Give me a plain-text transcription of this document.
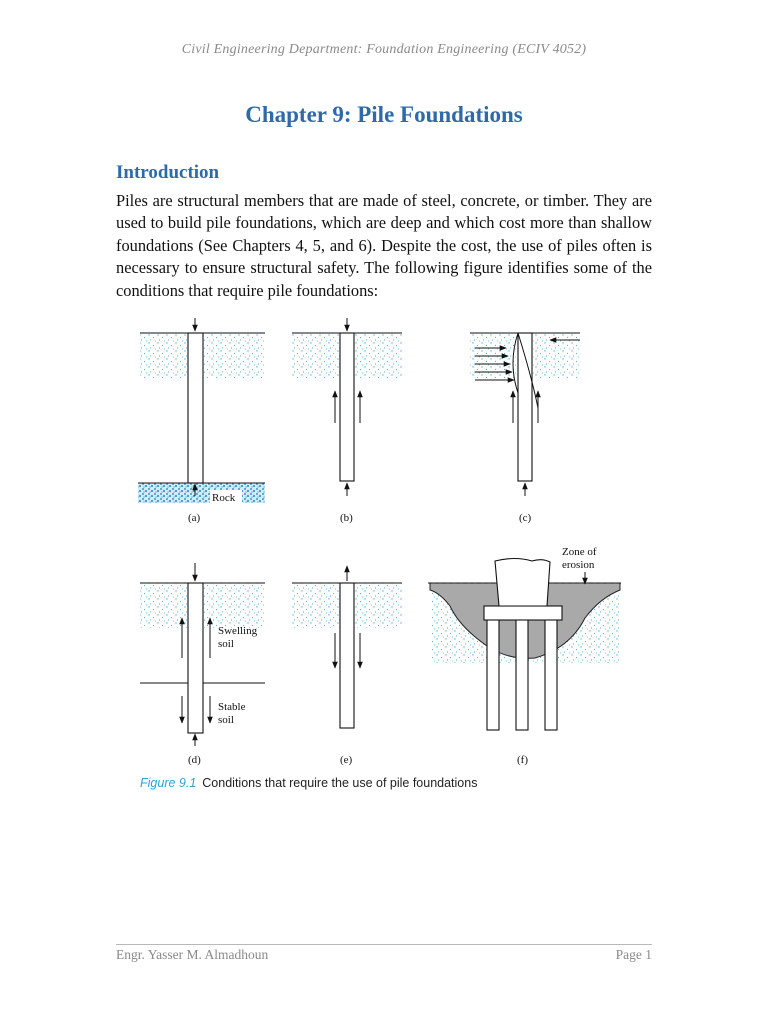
Civil Engineering Department: Foundation Engineering (ECIV 4052)
Chapter 9: Pile Foundations
Introduction
Piles are structural members that are made of steel, concrete, or timber. They are used to build pile foundations, which are deep and which cost more than shallow foundations (See Chapters 4, 5, and 6). Despite the cost, the use of piles often is necessary to ensure structural safety. The following figure identifies some of the conditions that require pile foundations:
Rock
(a)	(b)	(c)
Swelling
soil
Stable
soil
(d)	(e)
Zone of
erosion
(f)
Figure 9.1 Conditions that require the use of pile foundations
Engr. Yasser M. Almadhoun	Page 1
